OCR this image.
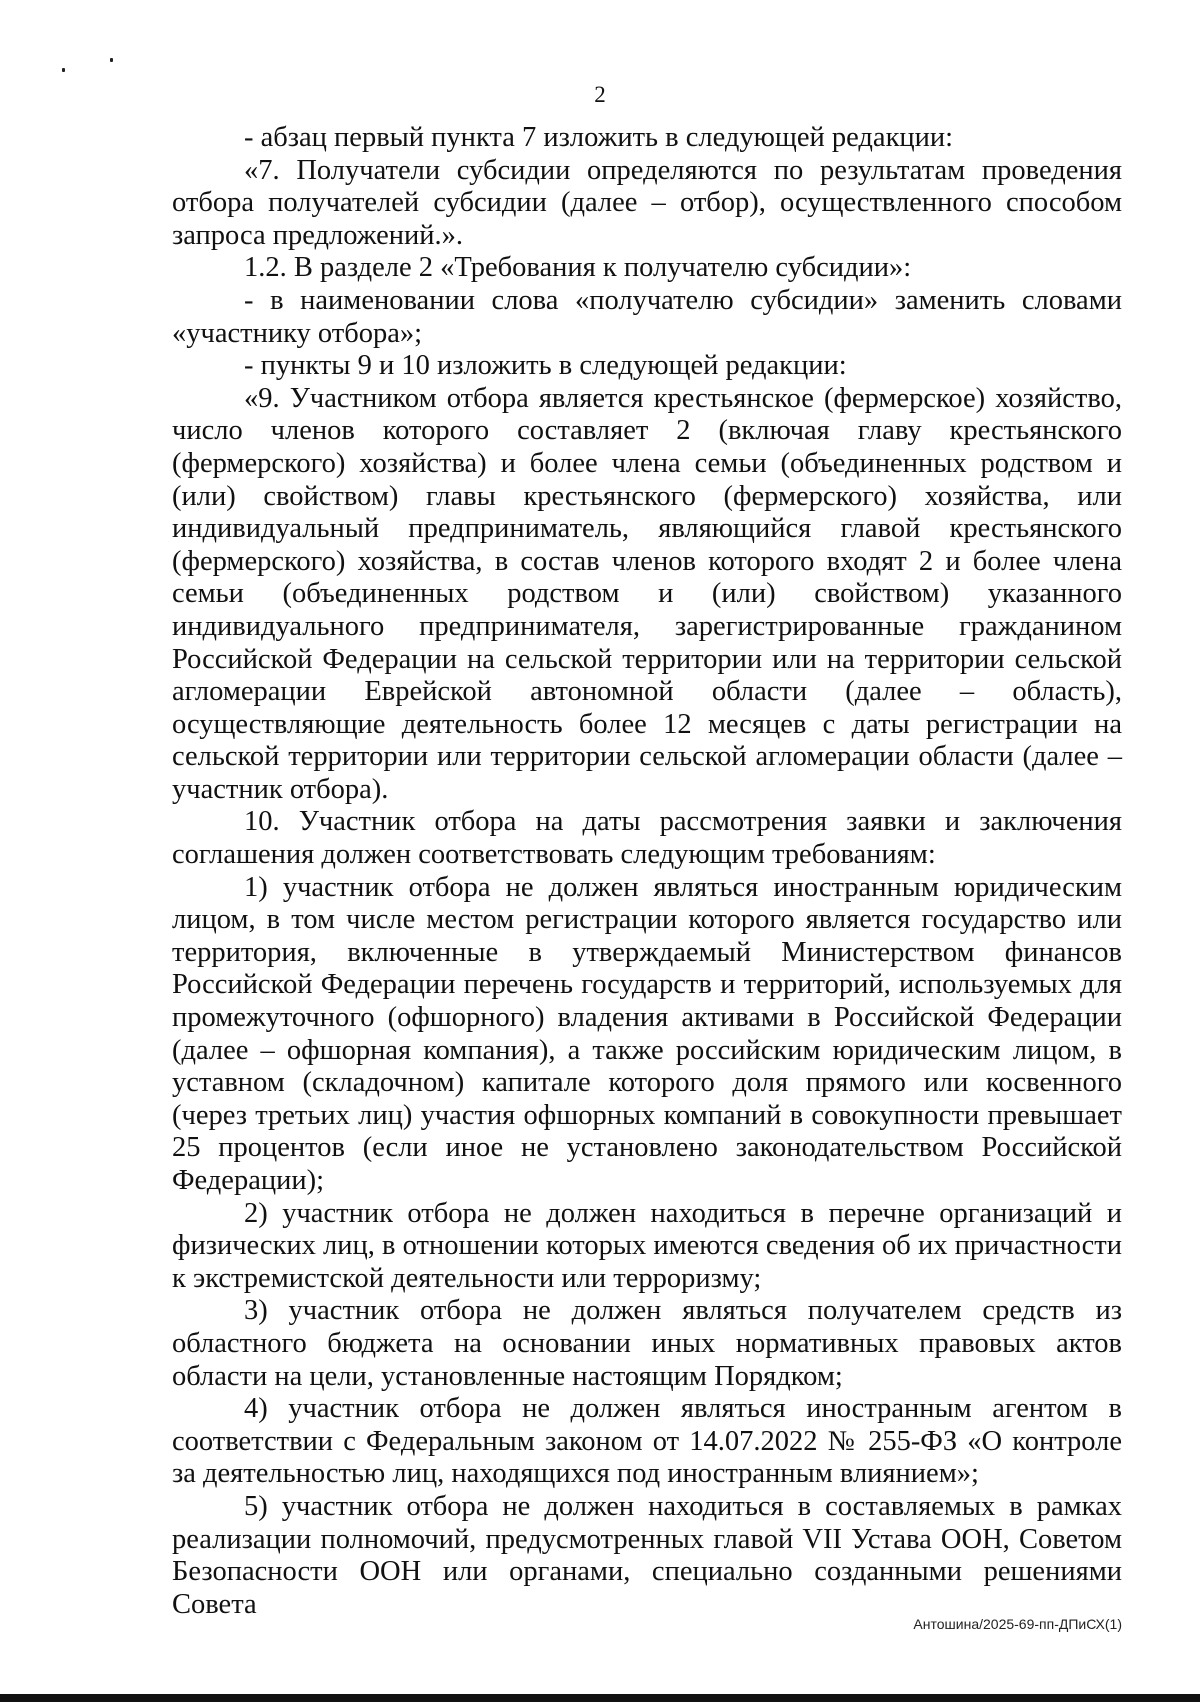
2

- абзац первый пункта 7 изложить в следующей редакции:

«7. Получатели субсидии определяются по результатам проведения отбора получателей субсидии (далее – отбор), осуществленного способом запроса предложений.».

1.2. В разделе 2 «Требования к получателю субсидии»:

- в наименовании слова «получателю субсидии» заменить словами «участнику отбора»;

- пункты 9 и 10 изложить в следующей редакции:

«9. Участником отбора является крестьянское (фермерское) хозяйство, число членов которого составляет 2 (включая главу крестьянского (фермерского) хозяйства) и более члена семьи (объединенных родством и (или) свойством) главы крестьянского (фермерского) хозяйства, или индивидуальный предприниматель, являющийся главой крестьянского (фермерского) хозяйства, в состав членов которого входят 2 и более члена семьи (объединенных родством и (или) свойством) указанного индивидуального предпринимателя, зарегистрированные гражданином Российской Федерации на сельской территории или на территории сельской агломерации Еврейской автономной области (далее – область), осуществляющие деятельность более 12 месяцев с даты регистрации на сельской территории или территории сельской агломерации области (далее – участник отбора).

10. Участник отбора на даты рассмотрения заявки и заключения соглашения должен соответствовать следующим требованиям:

1) участник отбора не должен являться иностранным юридическим лицом, в том числе местом регистрации которого является государство или территория, включенные в утверждаемый Министерством финансов Российской Федерации перечень государств и территорий, используемых для промежуточного (офшорного) владения активами в Российской Федерации (далее – офшорная компания), а также российским юридическим лицом, в уставном (складочном) капитале которого доля прямого или косвенного (через третьих лиц) участия офшорных компаний в совокупности превышает 25 процентов (если иное не установлено законодательством Российской Федерации);

2) участник отбора не должен находиться в перечне организаций и физических лиц, в отношении которых имеются сведения об их причастности к экстремистской деятельности или терроризму;

3) участник отбора не должен являться получателем средств из областного бюджета на основании иных нормативных правовых актов области на цели, установленные настоящим Порядком;

4) участник отбора не должен являться иностранным агентом в соответствии с Федеральным законом от 14.07.2022 № 255-ФЗ «О контроле за деятельностью лиц, находящихся под иностранным влиянием»;

5) участник отбора не должен находиться в составляемых в рамках реализации полномочий, предусмотренных главой VII Устава ООН, Советом Безопасности ООН или органами, специально созданными решениями Совета

Антошина/2025-69-пп-ДПиСХ(1)
